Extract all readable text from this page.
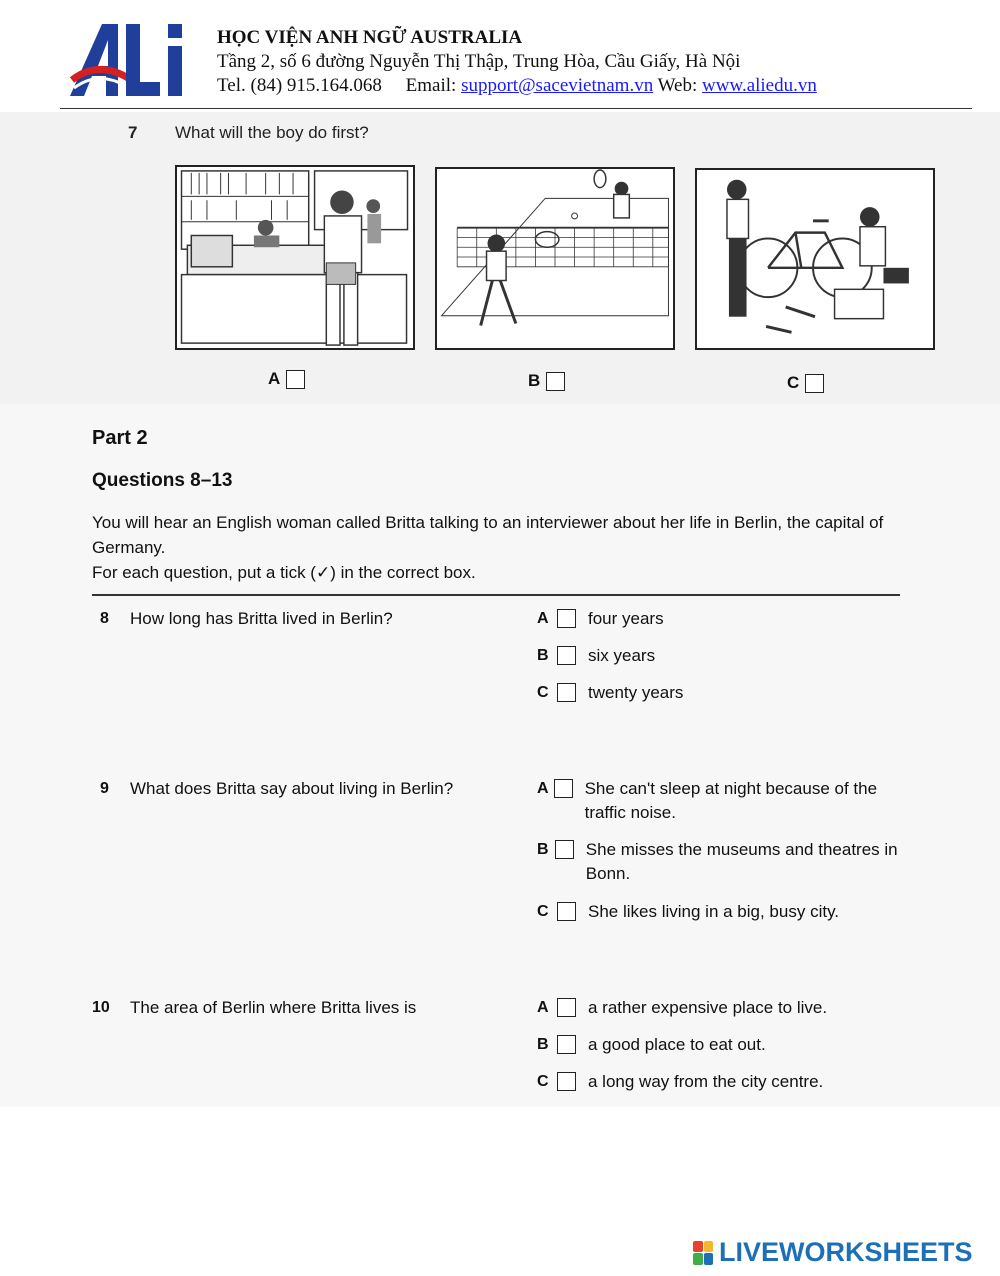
★
HỌC VIỆN ANH NGỮ AUSTRALIA
Tầng 2, số 6 đường Nguyễn Thị Thập, Trung Hòa, Cầu Giấy, Hà Nội
Tel. (84) 915.164.068 Email: support@sacevietnam.vn Web: www.aliedu.vn
7 What will the boy do first?
A	B	C
Part 2
Questions 8–13
You will hear an English woman called Britta talking to an interviewer about her life in Berlin, the capital of Germany.
For each question, put a tick (✓) in the correct box.
8	How long has Britta lived in Berlin?	A	four years
B	six years
C	twenty years
9	What does Britta say about living in Berlin?	A She can't sleep at night because of the traffic noise.
B	She misses the museums and theatres in Bonn.
C	She likes living in a big, busy city.
10	The area of Berlin where Britta lives is	A	a rather expensive place to live.
B	a good place to eat out.
C	a long way from the city centre.
LIVEWORKSHEETS
